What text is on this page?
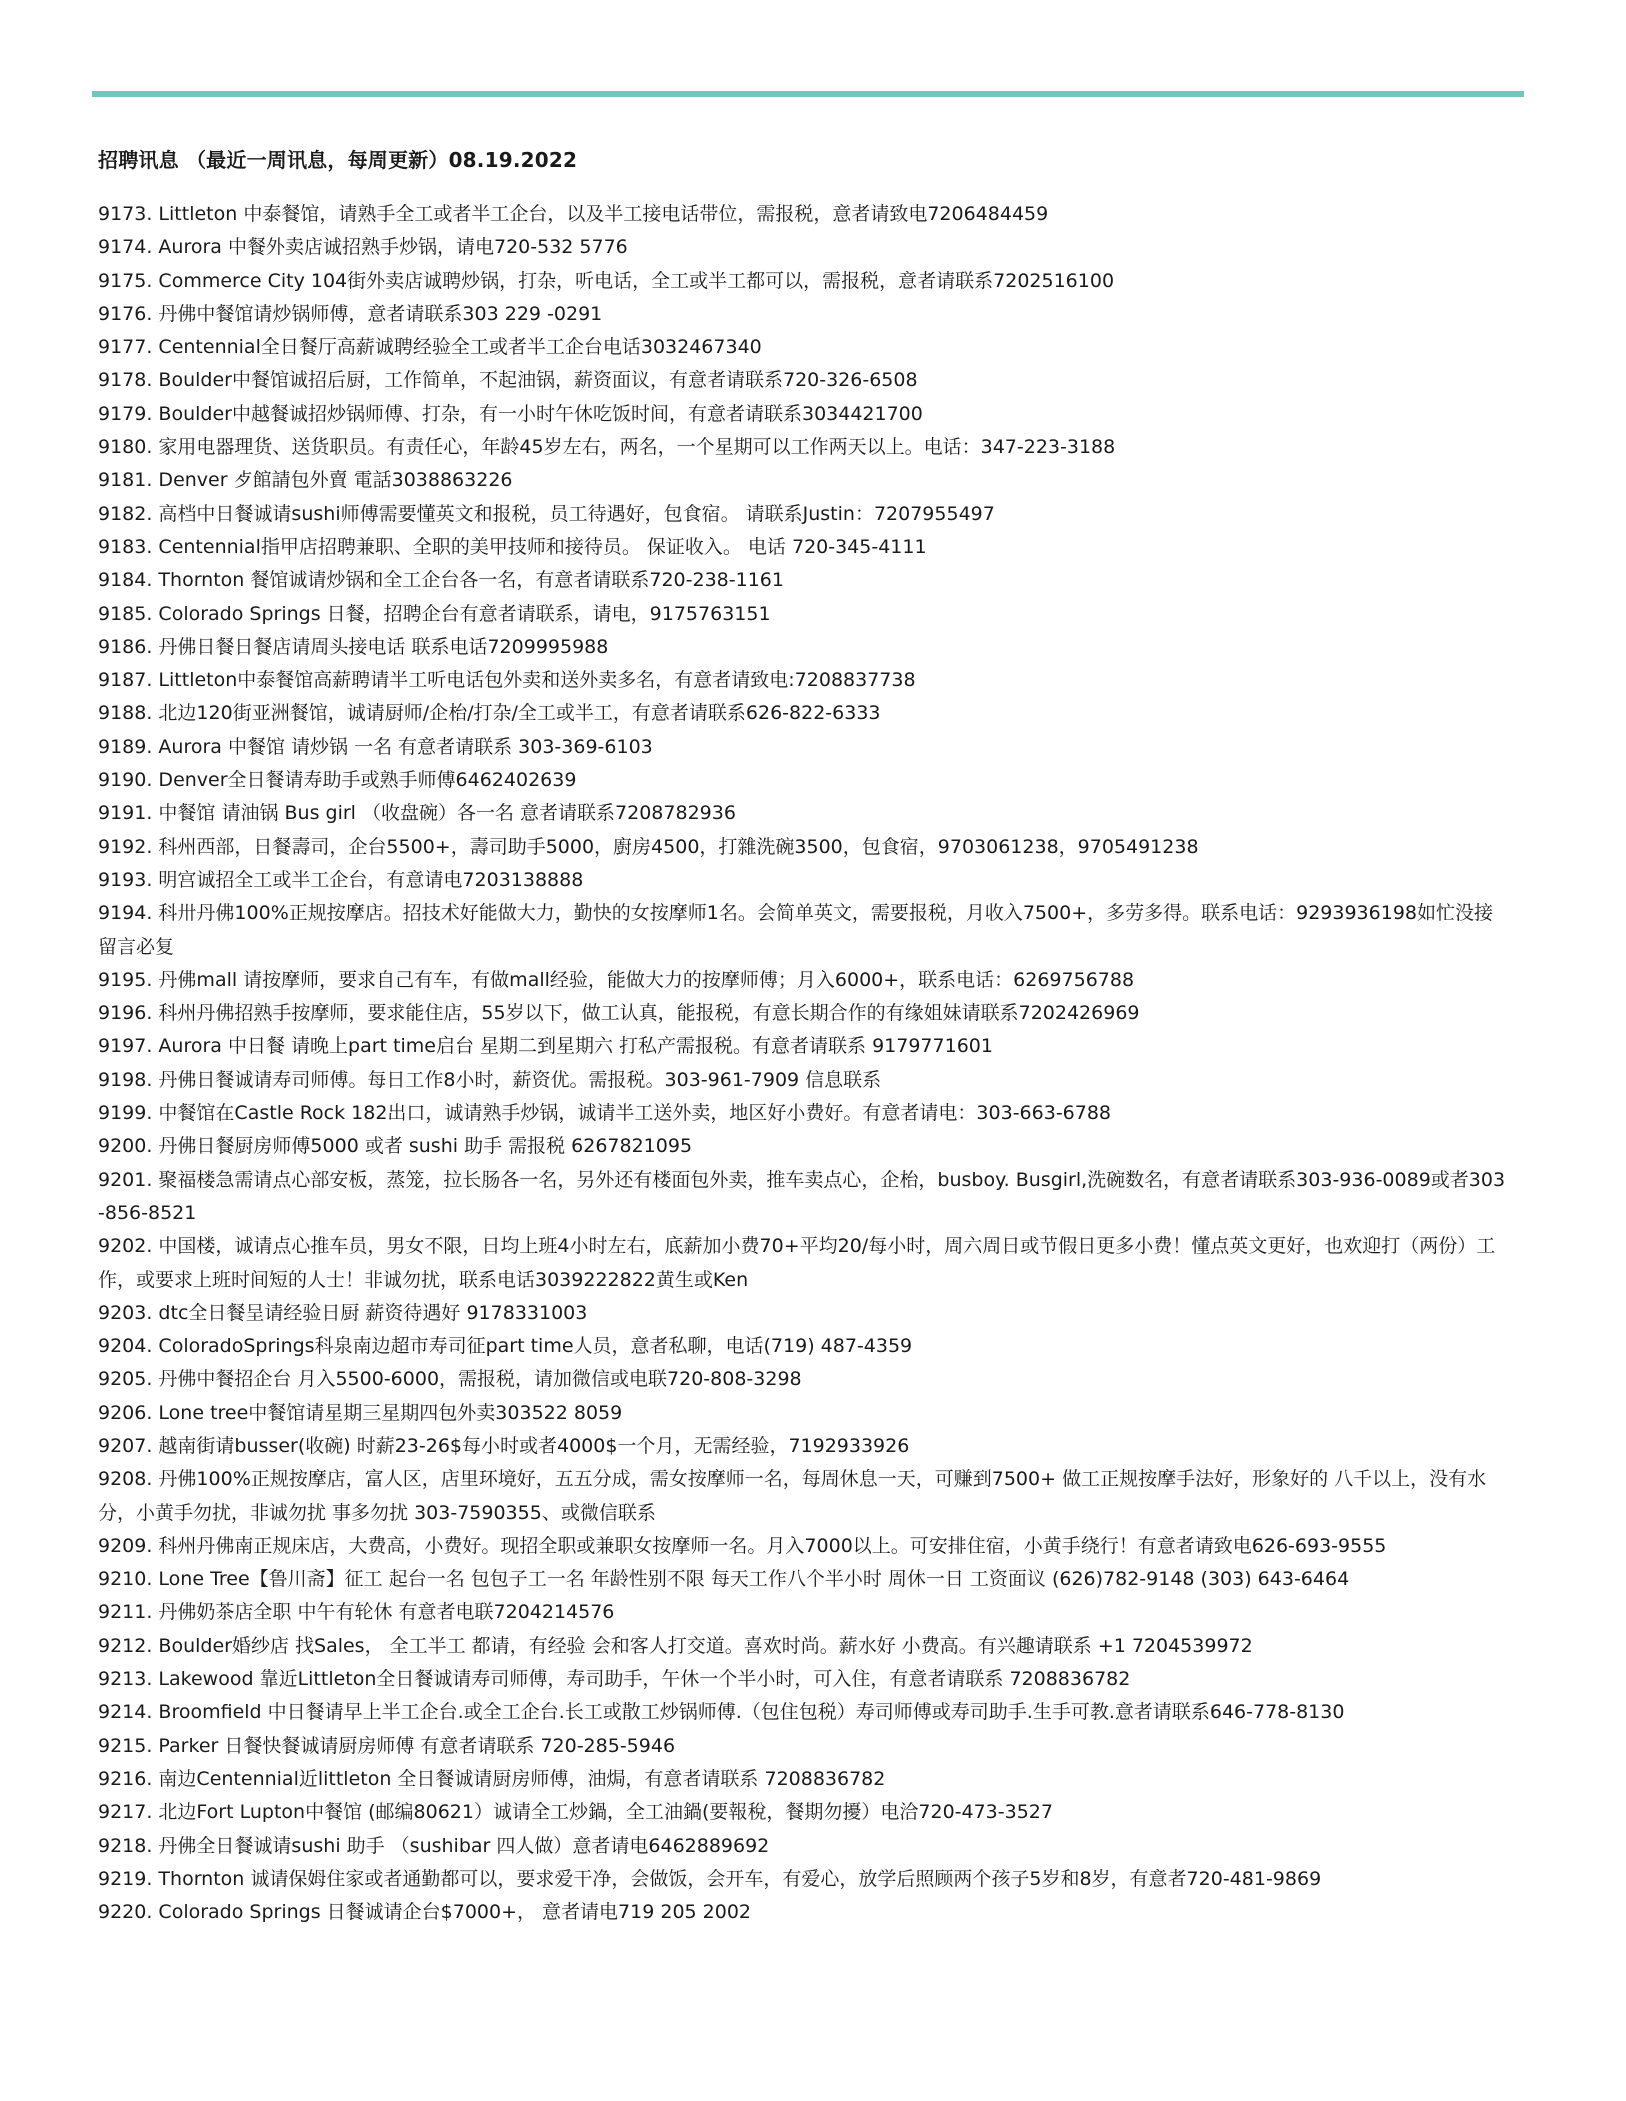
招聘讯息 （最近一周讯息，每周更新）08.19.2022
9173. Littleton 中泰餐馆，请熟手全工或者半工企台，以及半工接电话带位，需报税，意者请致电7206484459
9174. Aurora 中餐外卖店诚招熟手炒锅，请电720-532 5776
9175. Commerce City 104街外卖店诚聘炒锅，打杂，听电话，全工或半工都可以，需报税，意者请联系7202516100
9176. 丹佛中餐馆请炒锅师傅，意者请联系303 229 -0291
9177. Centennial全日餐厅高薪诚聘经验全工或者半工企台电话3032467340
9178. Boulder中餐馆诚招后厨，工作简单，不起油锅，薪资面议，有意者请联系720-326-6508
9179. Boulder中越餐诚招炒锅师傅、打杂，有一小时午休吃饭时间，有意者请联系3034421700
9180. 家用电器理货、送货职员。有责任心，年龄45岁左右，两名，一个星期可以工作两天以上。电话：347-223-3188
9181. Denver 歺館請包外賣 電話3038863226
9182. 高档中日餐诚请sushi师傅需要懂英文和报税，员工待遇好，包食宿。 请联系Justin：7207955497
9183. Centennial指甲店招聘兼职、全职的美甲技师和接待员。 保证收入。 电话 720-345-4111
9184. Thornton 餐馆诚请炒锅和全工企台各一名，有意者请联系720-238-1161
9185. Colorado Springs 日餐，招聘企台有意者请联系，请电，9175763151
9186. 丹佛日餐日餐店请周头接电话 联系电话7209995988
9187. Littleton中泰餐馆高薪聘请半工听电话包外卖和送外卖多名，有意者请致电:7208837738
9188. 北边120街亚洲餐馆，诚请厨师/企枱/打杂/全工或半工，有意者请联系626-822-6333
9189. Aurora 中餐馆 请炒锅 一名 有意者请联系 303-369-6103
9190. Denver全日餐请寿助手或熟手师傅6462402639
9191. 中餐馆 请油锅 Bus girl （收盘碗）各一名 意者请联系7208782936
9192. 科州西部，日餐壽司，企台5500+，壽司助手5000，廚房4500，打雜洗碗3500，包食宿，9703061238，9705491238
9193. 明宫诚招全工或半工企台，有意请电7203138888
9194. 科卅丹佛100%正规按摩店。招技术好能做大力，勤快的女按摩师1名。会简单英文，需要报税，月收入7500+，多劳多得。联系电话：9293936198如忙没接留言必复
9195. 丹佛mall 请按摩师，要求自己有车，有做mall经验，能做大力的按摩师傅；月入6000+，联系电话：6269756788
9196. 科州丹佛招熟手按摩师，要求能住店，55岁以下，做工认真，能报税，有意长期合作的有缘姐妹请联系7202426969
9197. Aurora 中日餐 请晚上part time启台 星期二到星期六 打私产需报税。有意者请联系 9179771601
9198. 丹佛日餐诚请寿司师傅。每日工作8小时，薪资优。需报税。303-961-7909 信息联系
9199. 中餐馆在Castle Rock 182出口，诚请熟手炒锅，诚请半工送外卖，地区好小费好。有意者请电：303-663-6788
9200. 丹佛日餐厨房师傅5000 或者 sushi 助手 需报税 6267821095
9201. 聚福楼急需请点心部安板，蒸笼，拉长肠各一名，另外还有楼面包外卖，推车卖点心，企枱，busboy. Busgirl,洗碗数名，有意者请联系303-936-0089或者303-856-8521
9202. 中国楼，诚请点心推车员，男女不限，日均上班4小时左右，底薪加小费70+平均20/每小时，周六周日或节假日更多小费！懂点英文更好，也欢迎打（两份）工作，或要求上班时间短的人士！非诚勿扰，联系电话3039222822黄生或Ken
9203. dtc全日餐呈请经验日厨 薪资待遇好 9178331003
9204. ColoradoSprings科泉南边超市寿司征part time人员，意者私聊，电话(719) 487-4359
9205. 丹佛中餐招企台 月入5500-6000，需报税，请加微信或电联720-808-3298
9206. Lone tree中餐馆请星期三星期四包外卖303522 8059
9207. 越南街请busser(收碗) 时薪23-26$每小时或者4000$一个月，无需经验，7192933926
9208. 丹佛100%正规按摩店，富人区，店里环境好，五五分成，需女按摩师一名，每周休息一天，可赚到7500+ 做工正规按摩手法好，形象好的 八千以上，没有水分，小黄手勿扰，非诚勿扰 事多勿扰 303-7590355、或微信联系
9209. 科州丹佛南正规床店，大费高，小费好。现招全职或兼职女按摩师一名。月入7000以上。可安排住宿，小黄手绕行！有意者请致电626-693-9555
9210. Lone Tree【鲁川斋】征工 起台一名 包包子工一名 年龄性别不限 每天工作八个半小时 周休一日 工资面议 (626)782-9148 (303) 643-6464
9211. 丹佛奶茶店全职 中午有轮休 有意者电联7204214576
9212. Boulder婚纱店 找Sales， 全工半工 都请，有经验 会和客人打交道。喜欢时尚。薪水好 小费高。有兴趣请联系 +1 7204539972
9213. Lakewood 靠近Littleton全日餐诚请寿司师傅，寿司助手，午休一个半小时，可入住，有意者请联系 7208836782
9214. Broomfield 中日餐请早上半工企台.或全工企台.长工或散工炒锅师傅.（包住包税）寿司师傅或寿司助手.生手可教.意者请联系646-778-8130
9215. Parker 日餐快餐诚请厨房师傅 有意者请联系 720-285-5946
9216. 南边Centennial近littleton 全日餐诚请厨房师傅，油焗，有意者请联系 7208836782
9217. 北边Fort Lupton中餐馆 (邮编80621）诚请全工炒鍋，全工油鍋(要報稅，餐期勿擾）电洽720-473-3527
9218. 丹佛全日餐诚请sushi 助手 （sushibar 四人做）意者请电6462889692
9219. Thornton 诚请保姆住家或者通勤都可以，要求爱干净，会做饭，会开车，有爱心，放学后照顾两个孩子5岁和8岁，有意者720-481-9869
9220. Colorado Springs 日餐诚请企台$7000+， 意者请电719 205 2002
